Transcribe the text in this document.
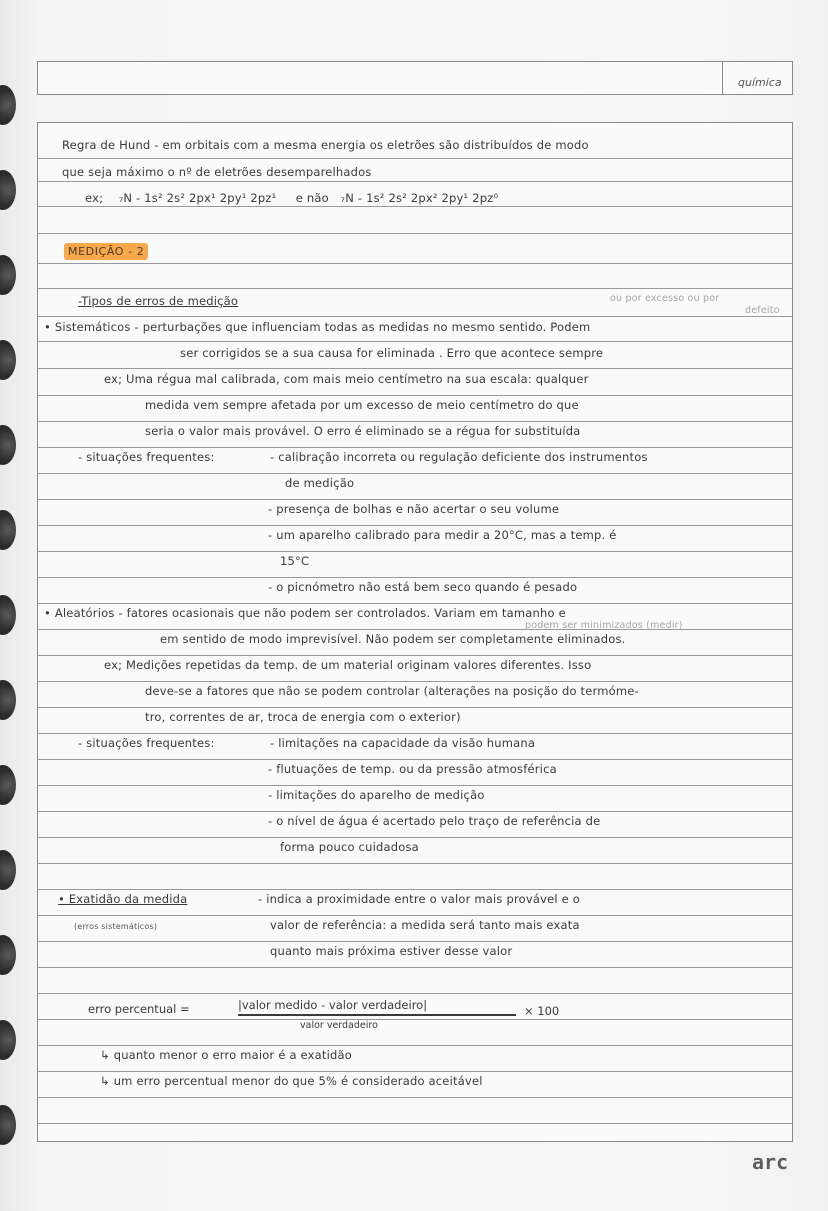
química
Regra de Hund - em orbitais com a mesma energia os eletrões são distribuídos de modo
que seja máximo o nº de eletrões desemparelhados
ex; ₇N - 1s² 2s² 2px¹ 2py¹ 2pz¹ e não ₇N - 1s² 2s² 2px² 2py¹ 2pz⁰
MEDIÇÃO - 2
-Tipos de erros de medição	ou por excesso ou por
defeito
• Sistemáticos - perturbações que influenciam todas as medidas no mesmo sentido. Podem
ser corrigidos se a sua causa for eliminada . Erro que acontece sempre
ex; Uma régua mal calibrada, com mais meio centímetro na sua escala: qualquer
medida vem sempre afetada por um excesso de meio centímetro do que
seria o valor mais provável. O erro é eliminado se a régua for substituída
- situações frequentes:	- calibração incorreta ou regulação deficiente dos instrumentos
de medição
- presença de bolhas e não acertar o seu volume
- um aparelho calibrado para medir a 20°C, mas a temp. é
15°C
- o picnómetro não está bem seco quando é pesado
• Aleatórios - fatores ocasionais que não podem ser controlados. Variam em tamanho e
podem ser minimizados (medir)
em sentido de modo imprevisível. Não podem ser completamente eliminados.
ex; Medições repetidas da temp. de um material originam valores diferentes. Isso
deve-se a fatores que não se podem controlar (alterações na posição do termóme-
tro, correntes de ar, troca de energia com o exterior)
- situações frequentes:	- limitações na capacidade da visão humana
- flutuações de temp. ou da pressão atmosférica
- limitações do aparelho de medição
- o nível de água é acertado pelo traço de referência de
forma pouco cuidadosa
• Exatidão da medida
(erros sistemáticos)
- indica a proximidade entre o valor mais provável e o
valor de referência: a medida será tanto mais exata
quanto mais próxima estiver desse valor
erro percentual =	|valor medido - valor verdadeiro|
valor verdadeiro
× 100
↳ quanto menor o erro maior é a exatidão
↳ um erro percentual menor do que 5% é considerado aceitável
arc
